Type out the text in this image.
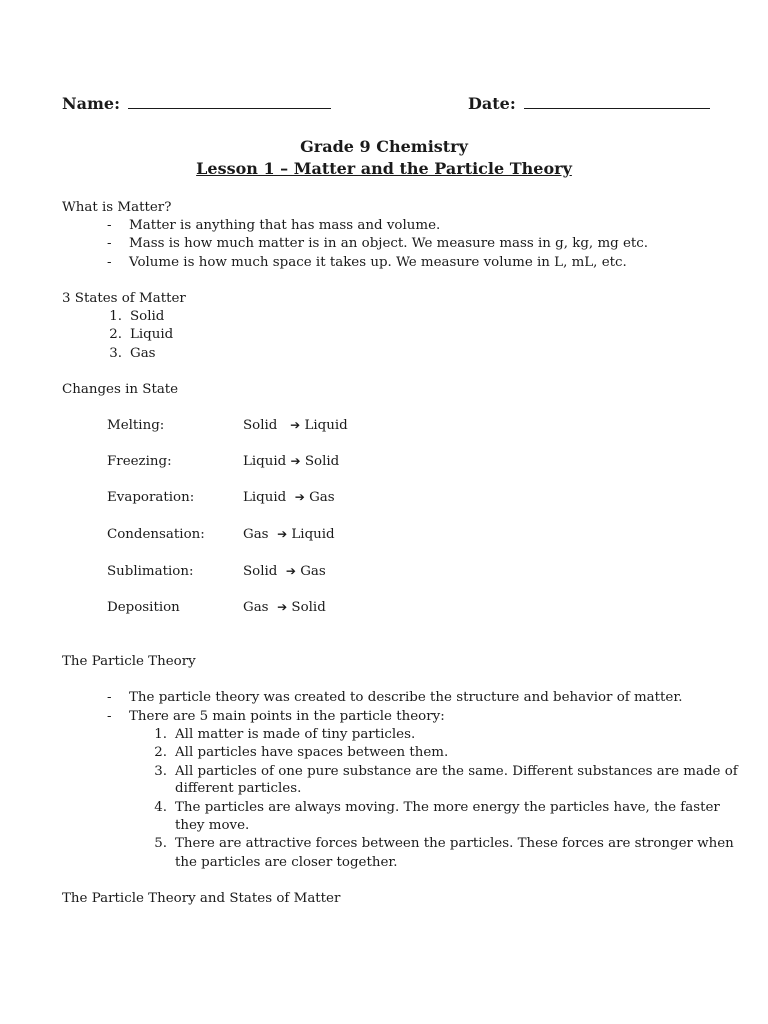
Name:	Date:
Grade 9 Chemistry
Lesson 1 – Matter and the Particle Theory
What is Matter?
- Matter is anything that has mass and volume.
- Mass is how much matter is in an object. We measure mass in g, kg, mg etc.
- Volume is how much space it takes up. We measure volume in L, mL, etc.
3 States of Matter
1. Solid
2. Liquid
3. Gas
Changes in State
Melting:	Solid ➔ Liquid
Freezing:	Liquid ➔ Solid
Evaporation:	Liquid ➔ Gas
Condensation:	Gas ➔ Liquid
Sublimation:	Solid ➔ Gas
Deposition	Gas ➔ Solid
The Particle Theory
- The particle theory was created to describe the structure and behavior of matter.
- There are 5 main points in the particle theory:
1. All matter is made of tiny particles.
2. All particles have spaces between them.
3. All particles of one pure substance are the same. Different substances are made of
different particles.
4. The particles are always moving. The more energy the particles have, the faster
they move.
5. There are attractive forces between the particles. These forces are stronger when
the particles are closer together.
The Particle Theory and States of Matter
